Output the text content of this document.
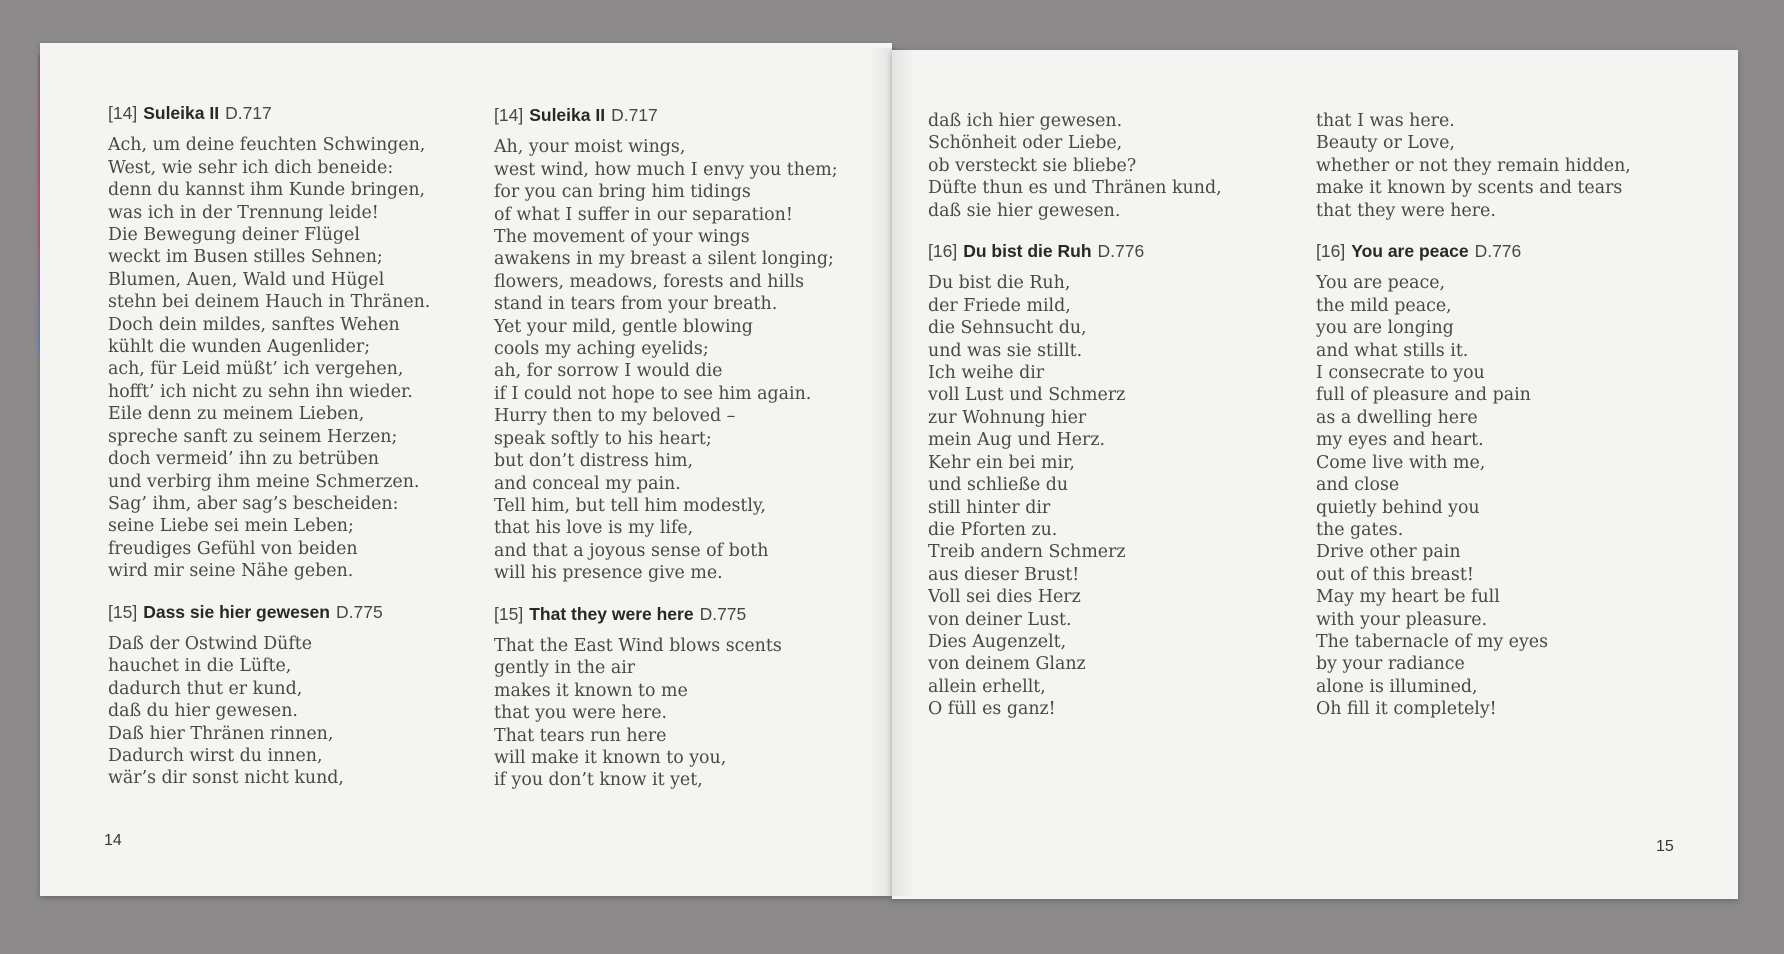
[14] Suleika II D.717
Ach, um deine feuchten Schwingen,
West, wie sehr ich dich beneide:
denn du kannst ihm Kunde bringen,
was ich in der Trennung leide!
Die Bewegung deiner Flügel
weckt im Busen stilles Sehnen;
Blumen, Auen, Wald und Hügel
stehn bei deinem Hauch in Thränen.
Doch dein mildes, sanftes Wehen
kühlt die wunden Augenlider;
ach, für Leid müßt’ ich vergehen,
hofft’ ich nicht zu sehn ihn wieder.
Eile denn zu meinem Lieben,
spreche sanft zu seinem Herzen;
doch vermeid’ ihn zu betrüben
und verbirg ihm meine Schmerzen.
Sag’ ihm, aber sag’s bescheiden:
seine Liebe sei mein Leben;
freudiges Gefühl von beiden
wird mir seine Nähe geben.
[15] Dass sie hier gewesen D.775
Daß der Ostwind Düfte
hauchet in die Lüfte,
dadurch thut er kund,
daß du hier gewesen.
Daß hier Thränen rinnen,
Dadurch wirst du innen,
wär’s dir sonst nicht kund,
[14] Suleika II D.717
Ah, your moist wings,
west wind, how much I envy you them;
for you can bring him tidings
of what I suffer in our separation!
The movement of your wings
awakens in my breast a silent longing;
flowers, meadows, forests and hills
stand in tears from your breath.
Yet your mild, gentle blowing
cools my aching eyelids;
ah, for sorrow I would die
if I could not hope to see him again.
Hurry then to my beloved –
speak softly to his heart;
but don’t distress him,
and conceal my pain.
Tell him, but tell him modestly,
that his love is my life,
and that a joyous sense of both
will his presence give me.
[15] That they were here D.775
That the East Wind blows scents
gently in the air
makes it known to me
that you were here.
That tears run here
will make it known to you,
if you don’t know it yet,
daß ich hier gewesen.
Schönheit oder Liebe,
ob versteckt sie bliebe?
Düfte thun es und Thränen kund,
daß sie hier gewesen.
[16] Du bist die Ruh D.776
Du bist die Ruh,
der Friede mild,
die Sehnsucht du,
und was sie stillt.
Ich weihe dir
voll Lust und Schmerz
zur Wohnung hier
mein Aug und Herz.
Kehr ein bei mir,
und schließe du
still hinter dir
die Pforten zu.
Treib andern Schmerz
aus dieser Brust!
Voll sei dies Herz
von deiner Lust.
Dies Augenzelt,
von deinem Glanz
allein erhellt,
O füll es ganz!
that I was here.
Beauty or Love,
whether or not they remain hidden,
make it known by scents and tears
that they were here.
[16] You are peace D.776
You are peace,
the mild peace,
you are longing
and what stills it.
I consecrate to you
full of pleasure and pain
as a dwelling here
my eyes and heart.
Come live with me,
and close
quietly behind you
the gates.
Drive other pain
out of this breast!
May my heart be full
with your pleasure.
The tabernacle of my eyes
by your radiance
alone is illumined,
Oh fill it completely!
14	15
